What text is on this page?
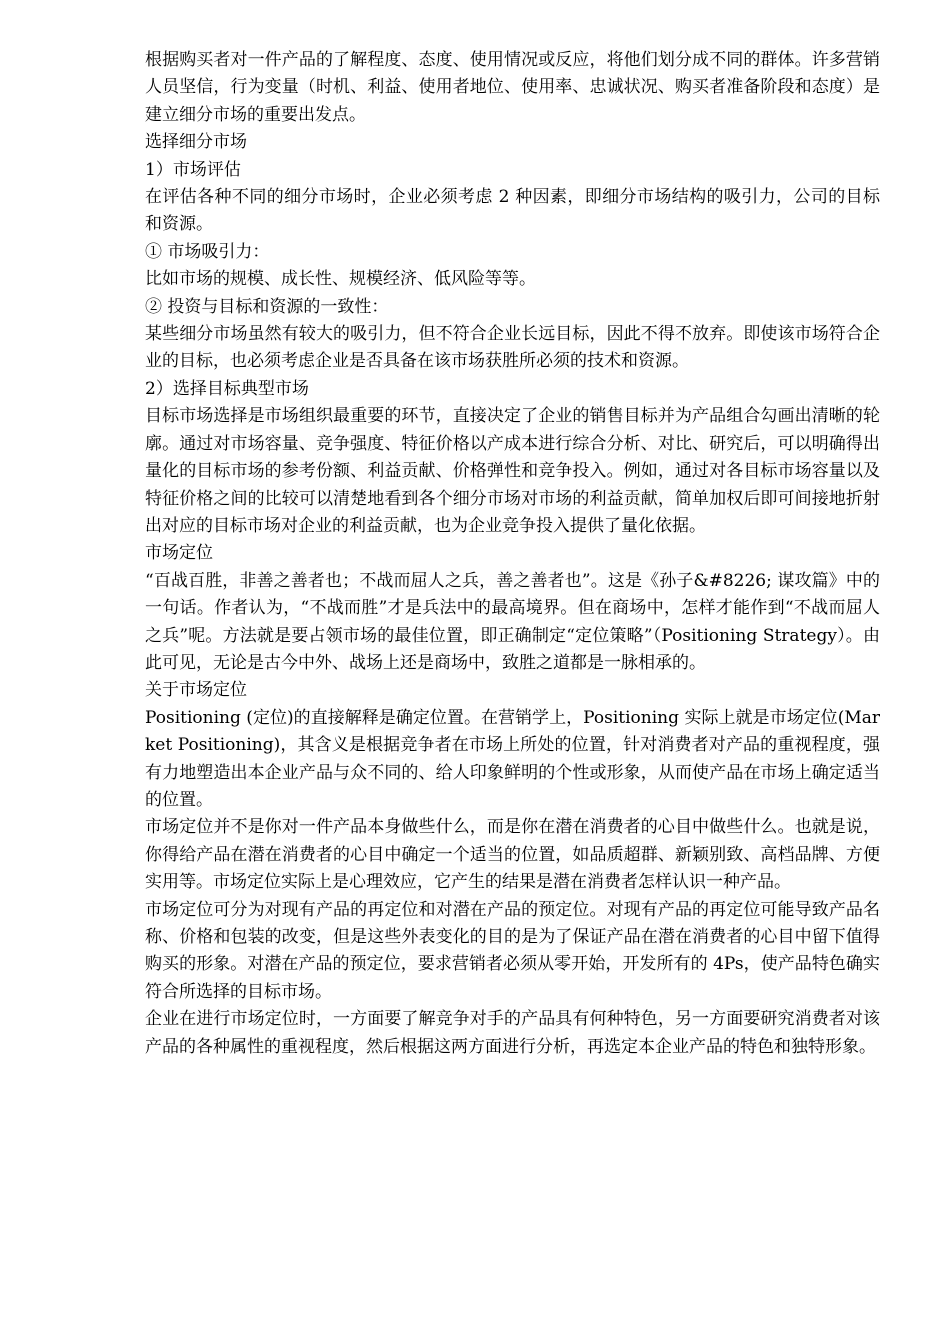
根据购买者对一件产品的了解程度、态度、使用情况或反应，将他们划分成不同的群体。许多营销人员坚信，行为变量（时机、利益、使用者地位、使用率、忠诚状况、购买者准备阶段和态度）是建立细分市场的重要出发点。

选择细分市场

1）市场评估

在评估各种不同的细分市场时，企业必须考虑 2 种因素，即细分市场结构的吸引力，公司的目标和资源。

① 市场吸引力：

比如市场的规模、成长性、规模经济、低风险等等。

② 投资与目标和资源的一致性：

某些细分市场虽然有较大的吸引力，但不符合企业长远目标，因此不得不放弃。即使该市场符合企业的目标，也必须考虑企业是否具备在该市场获胜所必须的技术和资源。

2）选择目标典型市场

目标市场选择是市场组织最重要的环节，直接决定了企业的销售目标并为产品组合勾画出清晰的轮廓。通过对市场容量、竞争强度、特征价格以产成本进行综合分析、对比、研究后，可以明确得出量化的目标市场的参考份额、利益贡献、价格弹性和竞争投入。例如，通过对各目标市场容量以及特征价格之间的比较可以清楚地看到各个细分市场对市场的利益贡献，简单加权后即可间接地折射出对应的目标市场对企业的利益贡献，也为企业竞争投入提供了量化依据。

市场定位

“百战百胜，非善之善者也；不战而屈人之兵，善之善者也”。这是《孙子&#8226; 谋攻篇》中的一句话。作者认为，“不战而胜”才是兵法中的最高境界。但在商场中，怎样才能作到“不战而屈人之兵”呢。方法就是要占领市场的最佳位置，即正确制定“定位策略”（Positioning Strategy）。由此可见，无论是古今中外、战场上还是商场中，致胜之道都是一脉相承的。

关于市场定位

Positioning (定位)的直接解释是确定位置。在营销学上，Positioning 实际上就是市场定位(Market Positioning)，其含义是根据竞争者在市场上所处的位置，针对消费者对产品的重视程度，强有力地塑造出本企业产品与众不同的、给人印象鲜明的个性或形象，从而使产品在市场上确定适当的位置。

市场定位并不是你对一件产品本身做些什么，而是你在潜在消费者的心目中做些什么。也就是说，你得给产品在潜在消费者的心目中确定一个适当的位置，如品质超群、新颖别致、高档品牌、方便实用等。市场定位实际上是心理效应，它产生的结果是潜在消费者怎样认识一种产品。

市场定位可分为对现有产品的再定位和对潜在产品的预定位。对现有产品的再定位可能导致产品名称、价格和包装的改变，但是这些外表变化的目的是为了保证产品在潜在消费者的心目中留下值得购买的形象。对潜在产品的预定位，要求营销者必须从零开始，开发所有的 4Ps，使产品特色确实符合所选择的目标市场。

企业在进行市场定位时，一方面要了解竞争对手的产品具有何种特色，另一方面要研究消费者对该产品的各种属性的重视程度，然后根据这两方面进行分析，再选定本企业产品的特色和独特形象。
